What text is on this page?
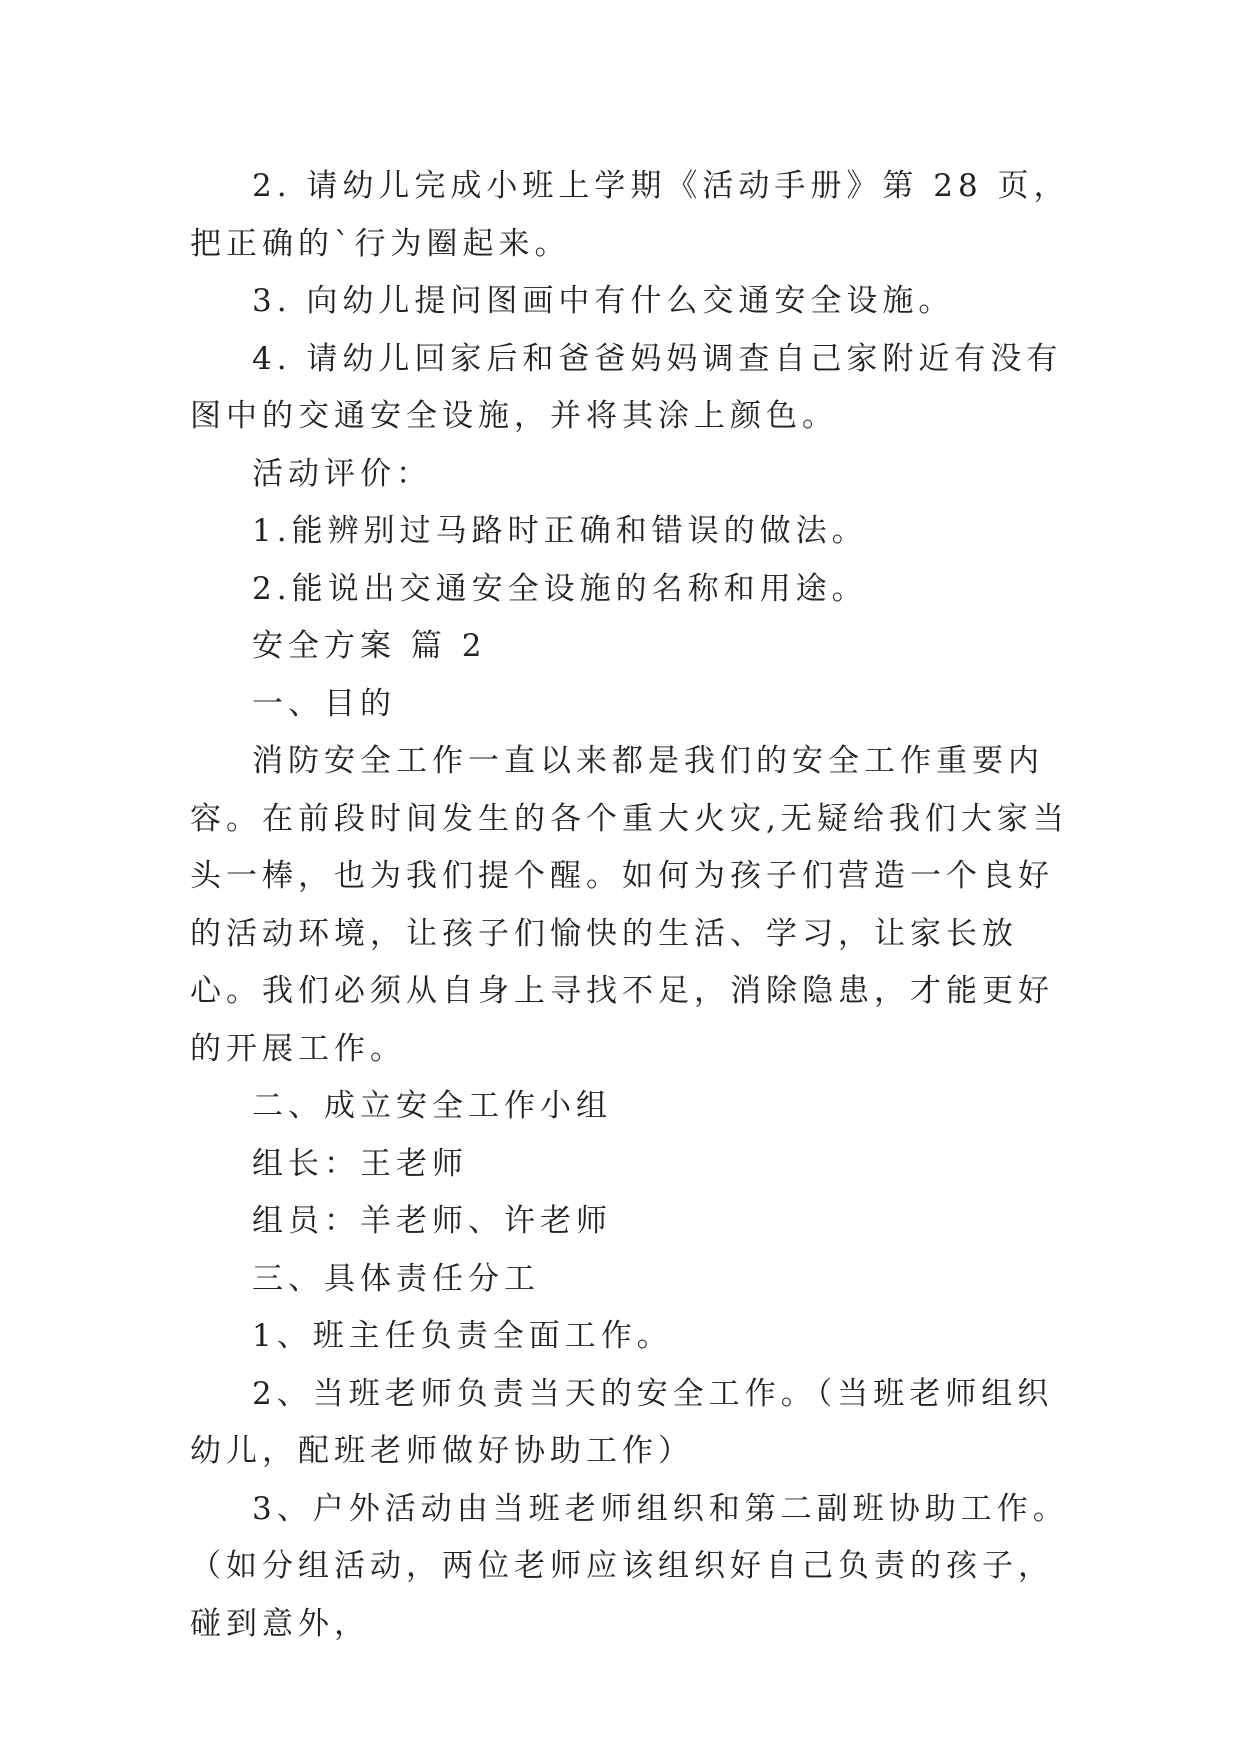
2. 请幼儿完成小班上学期《活动手册》第 28 页，把正确的`行为圈起来。

3. 向幼儿提问图画中有什么交通安全设施。

4. 请幼儿回家后和爸爸妈妈调查自己家附近有没有图中的交通安全设施，并将其涂上颜色。

活动评价：

1.能辨别过马路时正确和错误的做法。

2.能说出交通安全设施的名称和用途。

安全方案 篇 2

一、目的

消防安全工作一直以来都是我们的安全工作重要内容。在前段时间发生的各个重大火灾,无疑给我们大家当头一棒，也为我们提个醒。如何为孩子们营造一个良好的活动环境，让孩子们愉快的生活、学习，让家长放心。我们必须从自身上寻找不足，消除隐患，才能更好的开展工作。

二、成立安全工作小组

组长：王老师

组员：羊老师、许老师

三、具体责任分工

1、班主任负责全面工作。

2、当班老师负责当天的安全工作。（当班老师组织幼儿，配班老师做好协助工作）

3、户外活动由当班老师组织和第二副班协助工作。（如分组活动，两位老师应该组织好自己负责的孩子，碰到意外，
